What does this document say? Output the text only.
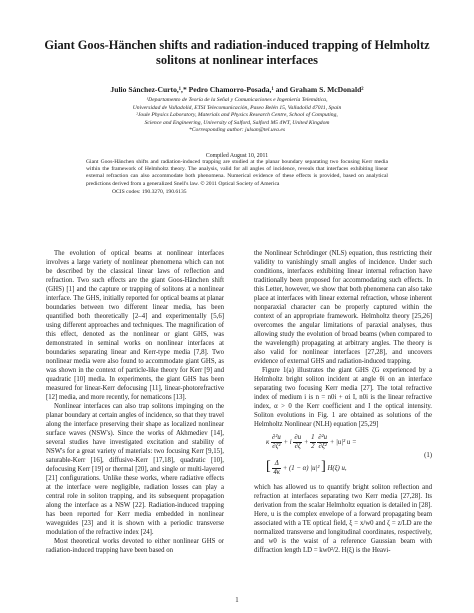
Giant Goos-Hänchen shifts and radiation-induced trapping of Helmholtz solitons at nonlinear interfaces
Julio Sánchez-Curto,¹,* Pedro Chamorro-Posada,¹ and Graham S. McDonald²
¹Departamento de Teoría de la Señal y Comunicaciones e Ingeniería Telemática,
Universidad de Valladolid, ETSI Telecomunicación, Paseo Belén 15, Valladolid 47011, Spain
²Joule Physics Laboratory, Materials and Physics Research Centre, School of Computing,
Science and Engineering, University of Salford, Salford M5 4WT, United Kingdom
*Corresponding author: julsan@tel.uva.es
Compiled August 10, 2011
Giant Goos-Hänchen shifts and radiation-induced trapping are studied at the planar boundary separating two focusing Kerr media within the framework of Helmholtz theory. The analysis, valid for all angles of incidence, reveals that interfaces exhibiting linear external refraction can also accommodate both phenomena. Numerical evidence of these effects is provided, based on analytical predictions derived from a generalized Snell's law. © 2011 Optical Society of America
OCIS codes: 190.3270, 190.6135

The evolution of optical beams at nonlinear interfaces involves a large variety of nonlinear phenomena which can not be described by the classical linear laws of reflection and refraction. Two such effects are the giant Goos-Hänchen shift (GHS) [1] and the capture or trapping of solitons at a nonlinear interface. The GHS, initially reported for optical beams at planar boundaries between two different linear media, has been quantified both theoretically [2–4] and experimentally [5,6] using different approaches and techniques. The magnification of this effect, denoted as the nonlinear or giant GHS, was demonstrated in seminal works on nonlinear interfaces at boundaries separating linear and Kerr-type media [7,8]. Two nonlinear media were also found to accommodate giant GHS, as was shown in the context of particle-like theory for Kerr [9] and quadratic [10] media. In experiments, the giant GHS has been measured for linear-Kerr defocusing [11], linear-photorefractive [12] media, and more recently, for nematicons [13].

Nonlinear interfaces can also trap solitons impinging on the planar boundary at certain angles of incidence, so that they travel along the interface preserving their shape as localized nonlinear surface waves (NSW's). Since the works of Akhmediev [14], several studies have investigated excitation and stability of NSW's for a great variety of materials: two focusing Kerr [9,15], saturable-Kerr [16], diffusive-Kerr [17,18], quadratic [10], defocusing Kerr [19] or thermal [20], and single or multi-layered [21] configurations. Unlike these works, where radiative effects at the interface were negligible, radiation losses can play a central role in soliton trapping, and its subsequent propagation along the interface as a NSW [22]. Radiation-induced trapping has been reported for Kerr media embedded in nonlinear waveguides [23] and it is shown with a periodic transverse modulation of the refractive index [24].

Most theoretical works devoted to either nonlinear GHS or radiation-induced trapping have been based on

the Nonlinear Schrödinger (NLS) equation, thus restricting their validity to vanishingly small angles of incidence. Under such conditions, interfaces exhibiting linear internal refraction have traditionally been proposed for accommodating such effects. In this Letter, however, we show that both phenomena can also take place at interfaces with linear external refraction, whose inherent nonparaxial character can be properly captured within the context of an appropriate framework. Helmholtz theory [25,26] overcomes the angular limitations of paraxial analyses, thus allowing study the evolution of broad beams (when compared to the wavelength) propagating at arbitrary angles. The theory is also valid for nonlinear interfaces [27,28], and uncovers evidence of external GHS and radiation-induced trapping.

Figure 1(a) illustrates the giant GHS ζG experienced by a Helmholtz bright soliton incident at angle θi on an interface separating two focusing Kerr media [27]. The total refractive index of medium i is n = n0i + αi I, n0i is the linear refractive index, α > 0 the Kerr coefficient and I the optical intensity. Soliton evolutions in Fig. 1 are obtained as solutions of the Helmholtz Nonlinear (NLH) equation [25,29]

κ $\frac{\text{∂²u}}{\text{∂ζ²}} + i \frac{\partial u}{\partial\zeta} + \frac{1}{2}$
$\frac{\text{∂²u}}{\text{∂ξ²}} + |u|^2$ u =
[ $\frac{\Delta}{4\kappa} + (1 - \alpha)$ |u|² ] H(ξ) u,
(1)

which has allowed us to quantify bright soliton reflection and refraction at interfaces separating two Kerr media [27,28]. Its derivation from the scalar Helmholtz equation is detailed in [28]. Here, u is the complex envelope of a forward propagating beam associated with a TE optical field, ξ = x/w0 and ζ = z/LD are the normalized transverse and longitudinal coordinates, respectively, and w0 is the waist of a reference Gaussian beam with diffraction length LD = kw0²/2. H(ξ) is the Heavi-

1
